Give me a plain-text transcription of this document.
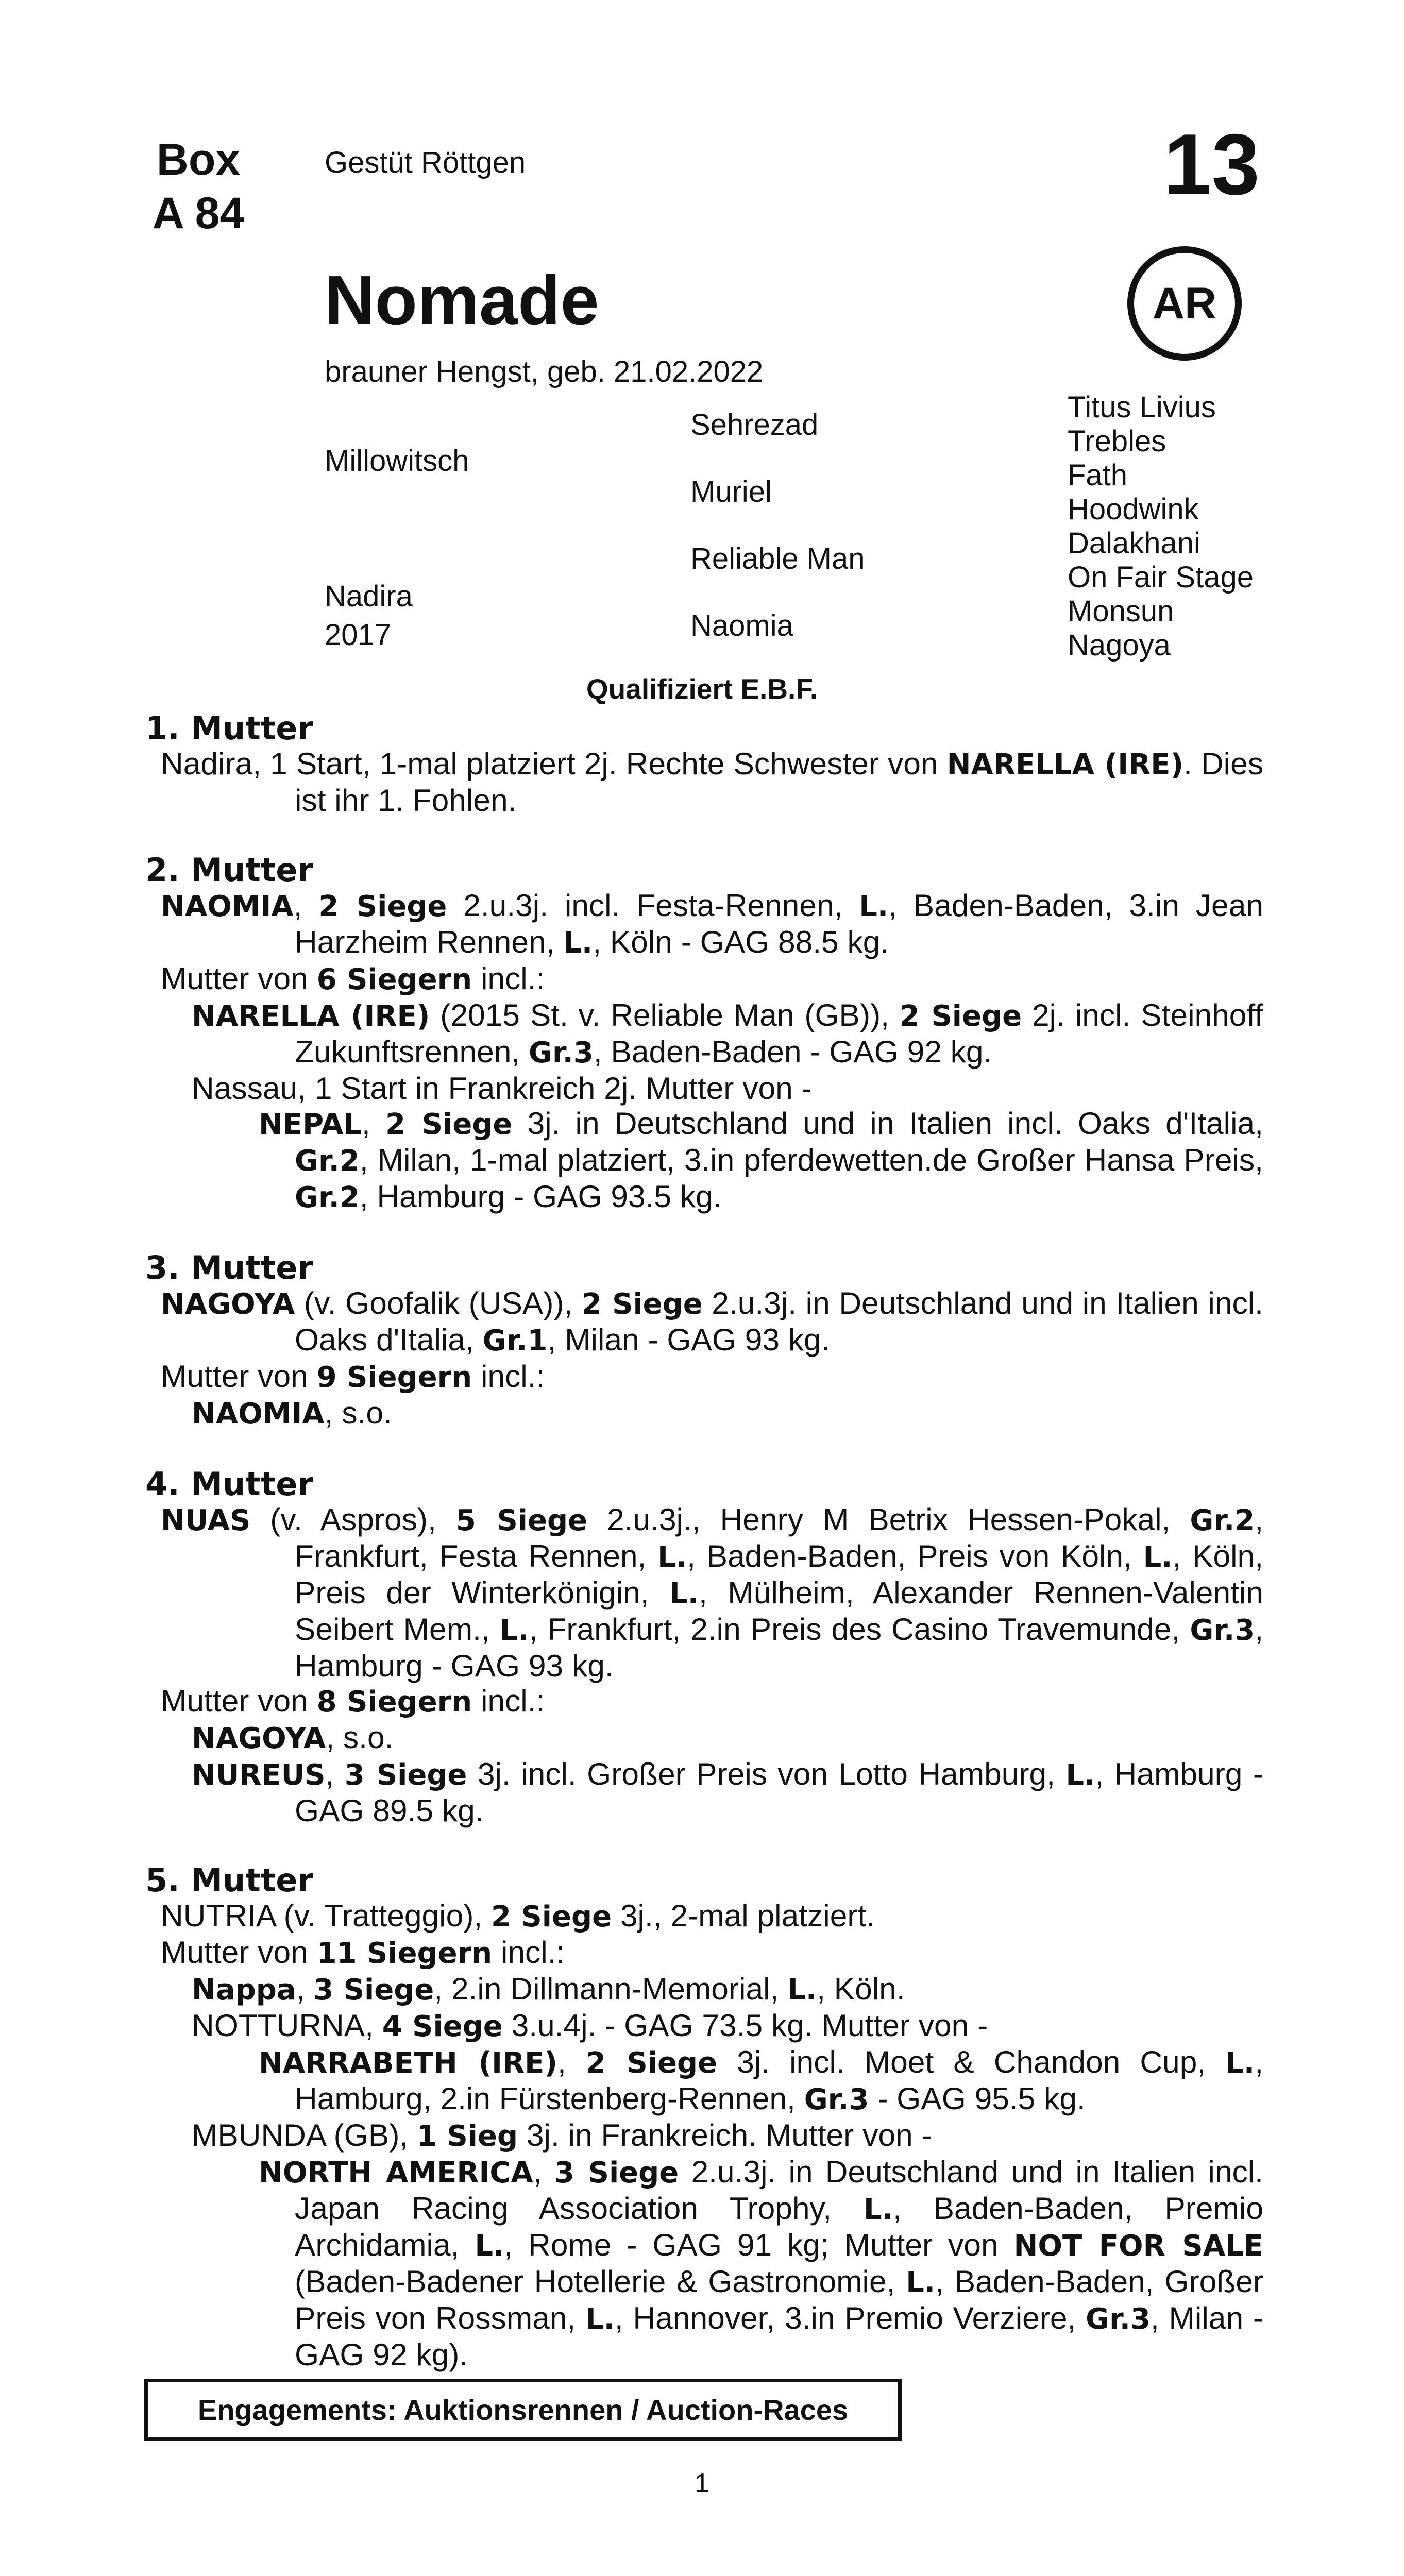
Box
A 84
Gestüt Röttgen	13
AR
Nomade
brauner Hengst, geb. 21.02.2022
Millowitsch
Nadira
2017
Sehrezad
Muriel
Reliable Man
Naomia
Titus Livius
Trebles
Fath
Hoodwink
Dalakhani
On Fair Stage
Monsun
Nagoya
Qualifiziert E.B.F.

1. Mutter

Nadira, 1 Start, 1-mal platziert 2j. Rechte Schwester von NARELLA (IRE). Dies ist ihr 1. Fohlen.

2. Mutter

NAOMIA, 2 Siege 2.u.3j. incl. Festa-Rennen, L., Baden-Baden, 3.in Jean Harzheim Rennen, L., Köln - GAG 88.5 kg.

Mutter von 6 Siegern incl.:

NARELLA (IRE) (2015 St. v. Reliable Man (GB)), 2 Siege 2j. incl. Steinhoff Zukunftsrennen, Gr.3, Baden-Baden - GAG 92 kg.

Nassau, 1 Start in Frankreich 2j. Mutter von -

NEPAL, 2 Siege 3j. in Deutschland und in Italien incl. Oaks d'Italia, Gr.2, Milan, 1-mal platziert, 3.in pferdewetten.de Großer Hansa Preis, Gr.2, Hamburg - GAG 93.5 kg.

3. Mutter

NAGOYA (v. Goofalik (USA)), 2 Siege 2.u.3j. in Deutschland und in Italien incl. Oaks d'Italia, Gr.1, Milan - GAG 93 kg.

Mutter von 9 Siegern incl.:

NAOMIA, s.o.

4. Mutter

NUAS (v. Aspros), 5 Siege 2.u.3j., Henry M Betrix Hessen-Pokal, Gr.2, Frankfurt, Festa Rennen, L., Baden-Baden, Preis von Köln, L., Köln, Preis der Winterkönigin, L., Mülheim, Alexander Rennen-Valentin Seibert Mem., L., Frankfurt, 2.in Preis des Casino Travemunde, Gr.3, Hamburg - GAG 93 kg.

Mutter von 8 Siegern incl.:

NAGOYA, s.o.

NUREUS, 3 Siege 3j. incl. Großer Preis von Lotto Hamburg, L., Hamburg - GAG 89.5 kg.

5. Mutter

NUTRIA (v. Tratteggio), 2 Siege 3j., 2-mal platziert.

Mutter von 11 Siegern incl.:

Nappa, 3 Siege, 2.in Dillmann-Memorial, L., Köln.

NOTTURNA, 4 Siege 3.u.4j. - GAG 73.5 kg. Mutter von -

NARRABETH (IRE), 2 Siege 3j. incl. Moet & Chandon Cup, L., Hamburg, 2.in Fürstenberg-Rennen, Gr.3 - GAG 95.5 kg.

MBUNDA (GB), 1 Sieg 3j. in Frankreich. Mutter von -

NORTH AMERICA, 3 Siege 2.u.3j. in Deutschland und in Italien incl. Japan Racing Association Trophy, L., Baden-Baden, Premio Archidamia, L., Rome - GAG 91 kg; Mutter von NOT FOR SALE (Baden-Badener Hotellerie & Gastronomie, L., Baden-Baden, Großer Preis von Rossman, L., Hannover, 3.in Premio Verziere, Gr.3, Milan - GAG 92 kg).

Engagements: Auktionsrennen / Auction-Races
1
